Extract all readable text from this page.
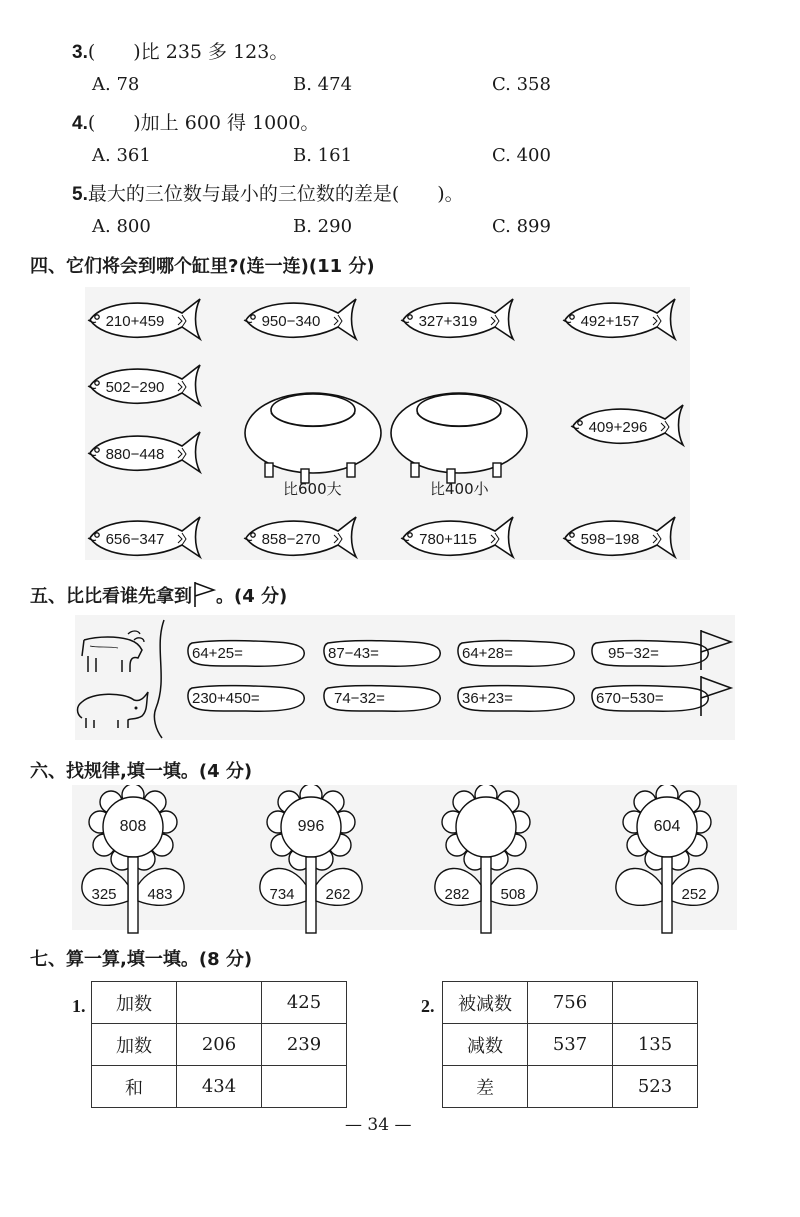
3.(　　)比 235 多 123。
A. 78	B. 474	C. 358
4.(　　)加上 600 得 1000。
A. 361	B. 161	C. 400
5.最大的三位数与最小的三位数的差是(　　)。
A. 800	B. 290	C. 899
四、它们将会到哪个缸里?(连一连)(11 分)
210+459	950−340	327+319	492+157
502−290
880−448
409+296
656−347	858−270	780+115	598−198
比600大	比400小
五、比比看谁先拿到 。(4 分)
64+25=	87−43=	64+28=	95−32=
230+450=	74−32=	36+23=	670−530=
六、找规律,填一填。(4 分)
808
325	483
996
734	262	282	508
604
252
七、算一算,填一填。(8 分)
1. 加数		425
加数	206	239
和	434	
2. 被减数	756	
减数	537	135
差		523
— 34 —
